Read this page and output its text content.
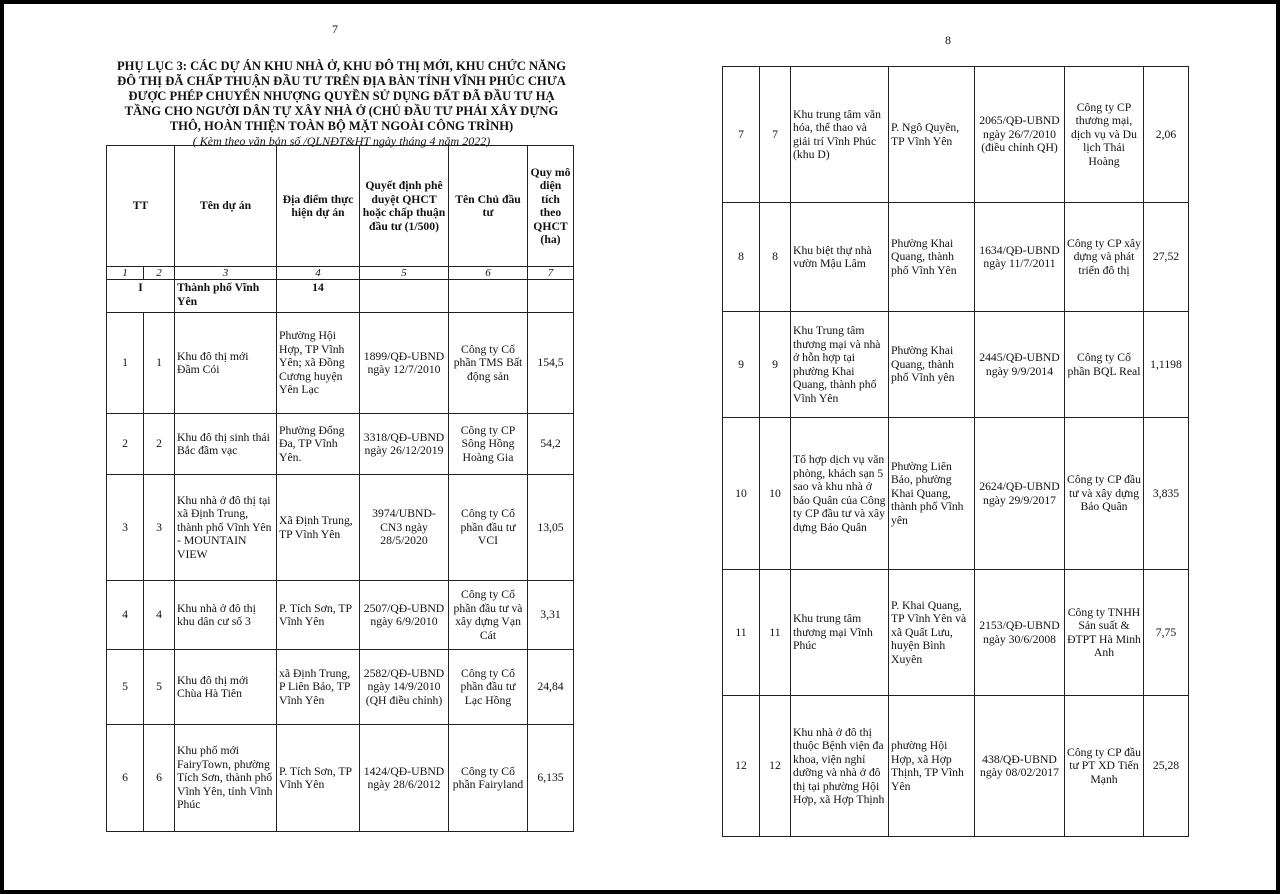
7
PHỤ LỤC 3: CÁC DỰ ÁN KHU NHÀ Ở, KHU ĐÔ THỊ MỚI, KHU CHỨC NĂNG
ĐÔ THỊ ĐÃ CHẤP THUẬN ĐẦU TƯ TRÊN ĐỊA BÀN TỈNH VĨNH PHÚC CHƯA
ĐƯỢC PHÉP CHUYỂN NHƯỢNG QUYỀN SỬ DỤNG ĐẤT ĐÃ ĐẦU TƯ HẠ
TẦNG CHO NGƯỜI DÂN TỰ XÂY NHÀ Ở (CHỦ ĐẦU TƯ PHẢI XÂY DỰNG
THÔ, HOÀN THIỆN TOÀN BỘ MẶT NGOÀI CÔNG TRÌNH)
( Kèm theo văn bản số /QLNĐT&HT ngày tháng 4 năm 2022)
TT		Tên dự án	Địa điểm thực hiện dự án	Quyết định phê duyệt QHCT hoặc chấp thuận đầu tư (1/500)	Tên Chủ đầu tư	Quy mô diện tích theo QHCT (ha)
1	2	3	4	5	6	7
I		Thành phố Vĩnh Yên	14			
1	1	Khu đô thị mới Đầm Cói	Phường Hội Hợp, TP Vĩnh Yên; xã Đồng Cương huyện Yên Lạc	1899/QĐ-UBND ngày 12/7/2010	Công ty Cổ phần TMS Bất động sản	154,5
2	2	Khu đô thị sinh thái Bắc đầm vạc	Phường Đống Đa, TP Vĩnh Yên.	3318/QĐ-UBND ngày 26/12/2019	Công ty CP Sông Hồng Hoàng Gia	54,2
3	3	Khu nhà ở đô thị tại xã Định Trung, thành phố Vĩnh Yên - MOUNTAIN VIEW	Xã Định Trung, TP Vĩnh Yên	3974/UBND-CN3 ngày 28/5/2020	Công ty Cổ phần đầu tư VCI	13,05
4	4	Khu nhà ở đô thị khu dân cư số 3	P. Tích Sơn, TP Vĩnh Yên	2507/QĐ-UBND ngày 6/9/2010	Công ty Cổ phần đầu tư và xây dựng Vạn Cát	3,31
5	5	Khu đô thị mới Chùa Hà Tiên	xã Định Trung, P Liên Bảo, TP Vĩnh Yên	2582/QĐ-UBND ngày 14/9/2010 (QH điều chỉnh)	Công ty Cổ phần đầu tư Lạc Hồng	24,84
6	6	Khu phố mới FairyTown, phường Tích Sơn, thành phố Vĩnh Yên, tỉnh Vĩnh Phúc	P. Tích Sơn, TP Vĩnh Yên	1424/QĐ-UBND ngày 28/6/2012	Công ty Cổ phần Fairyland	6,135
8
7	7	Khu trung tâm văn hóa, thể thao và giải trí Vĩnh Phúc (khu D)	P. Ngô Quyền, TP Vĩnh Yên	2065/QĐ-UBND ngày 26/7/2010 (điều chỉnh QH)	Công ty CP thương mại, dịch vụ và Du lịch Thái Hoàng	2,06
8	8	Khu biệt thự nhà vườn Mậu Lâm	Phường Khai Quang, thành phố Vĩnh Yên	1634/QĐ-UBND ngày 11/7/2011	Công ty CP xây dựng và phát triển đô thị	27,52
9	9	Khu Trung tâm thương mại và nhà ở hỗn hợp tại phường Khai Quang, thành phố Vĩnh Yên	Phường Khai Quang, thành phố Vĩnh yên	2445/QĐ-UBND ngày 9/9/2014	Công ty Cổ phần BQL Real	1,1198
10	10	Tổ hợp dịch vụ văn phòng, khách sạn 5 sao và khu nhà ở bảo Quân của Công ty CP đầu tư và xây dựng Bảo Quân	Phường Liên Bảo, phường Khai Quang, thành phố Vĩnh yên	2624/QĐ-UBND ngày 29/9/2017	Công ty CP đầu tư và xây dựng Bảo Quân	3,835
11	11	Khu trung tâm thương mại Vĩnh Phúc	P. Khai Quang, TP Vĩnh Yên và xã Quất Lưu, huyện Bình Xuyên	2153/QĐ-UBND ngày 30/6/2008	Công ty TNHH Sản suất & ĐTPT Hà Minh Anh	7,75
12	12	Khu nhà ở đô thị thuộc Bệnh viện đa khoa, viện nghỉ dưỡng và nhà ở đô thị tại phường Hội Hợp, xã Hợp Thịnh	phường Hội Hợp, xã Hợp Thịnh, TP Vĩnh Yên	438/QĐ-UBND ngày 08/02/2017	Công ty CP đầu tư PT XD Tiến Mạnh	25,28
